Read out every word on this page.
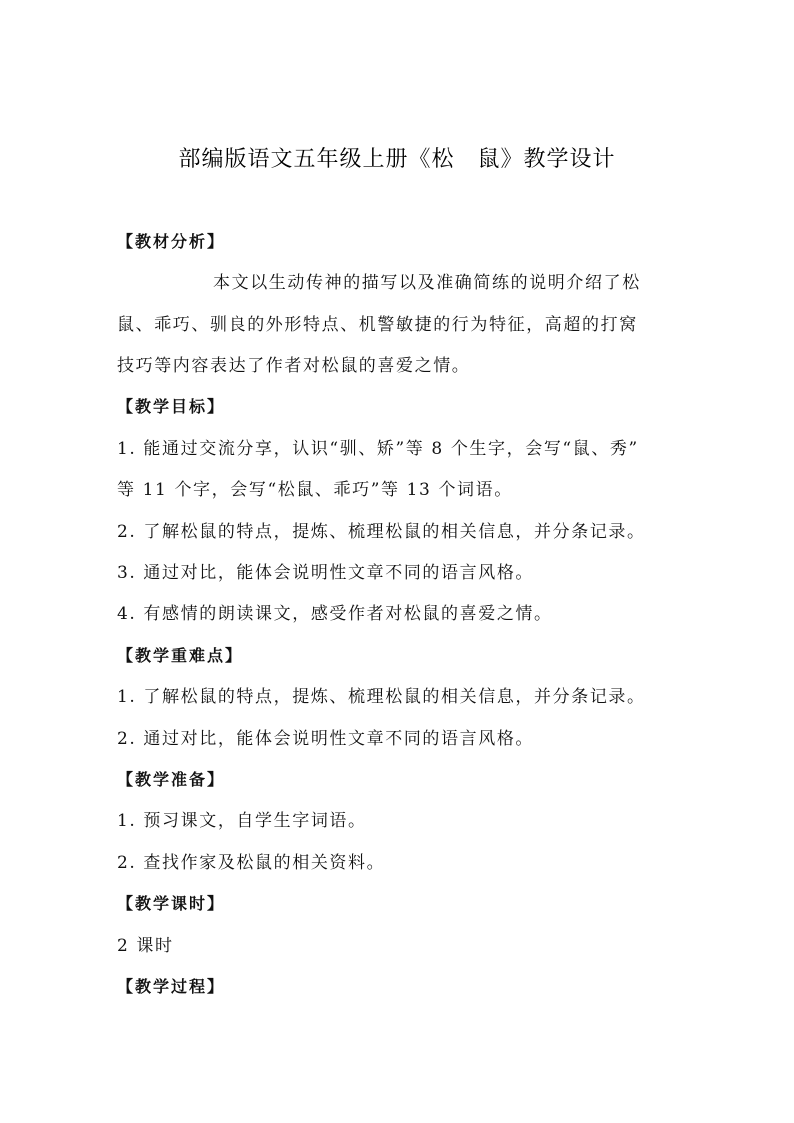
部编版语文五年级上册《松　鼠》教学设计
【教材分析】
本文以生动传神的描写以及准确简练的说明介绍了松
鼠、乖巧、驯良的外形特点、机警敏捷的行为特征，高超的打窝
技巧等内容表达了作者对松鼠的喜爱之情。
【教学目标】
1. 能通过交流分享，认识“驯、矫”等 8 个生字，会写“鼠、秀”
等 11 个字，会写“松鼠、乖巧”等 13 个词语。
2. 了解松鼠的特点，提炼、梳理松鼠的相关信息，并分条记录。
3. 通过对比，能体会说明性文章不同的语言风格。
4. 有感情的朗读课文，感受作者对松鼠的喜爱之情。
【教学重难点】
1. 了解松鼠的特点，提炼、梳理松鼠的相关信息，并分条记录。
2. 通过对比，能体会说明性文章不同的语言风格。
【教学准备】
1. 预习课文，自学生字词语。
2. 查找作家及松鼠的相关资料。
【教学课时】
2 课时
【教学过程】
